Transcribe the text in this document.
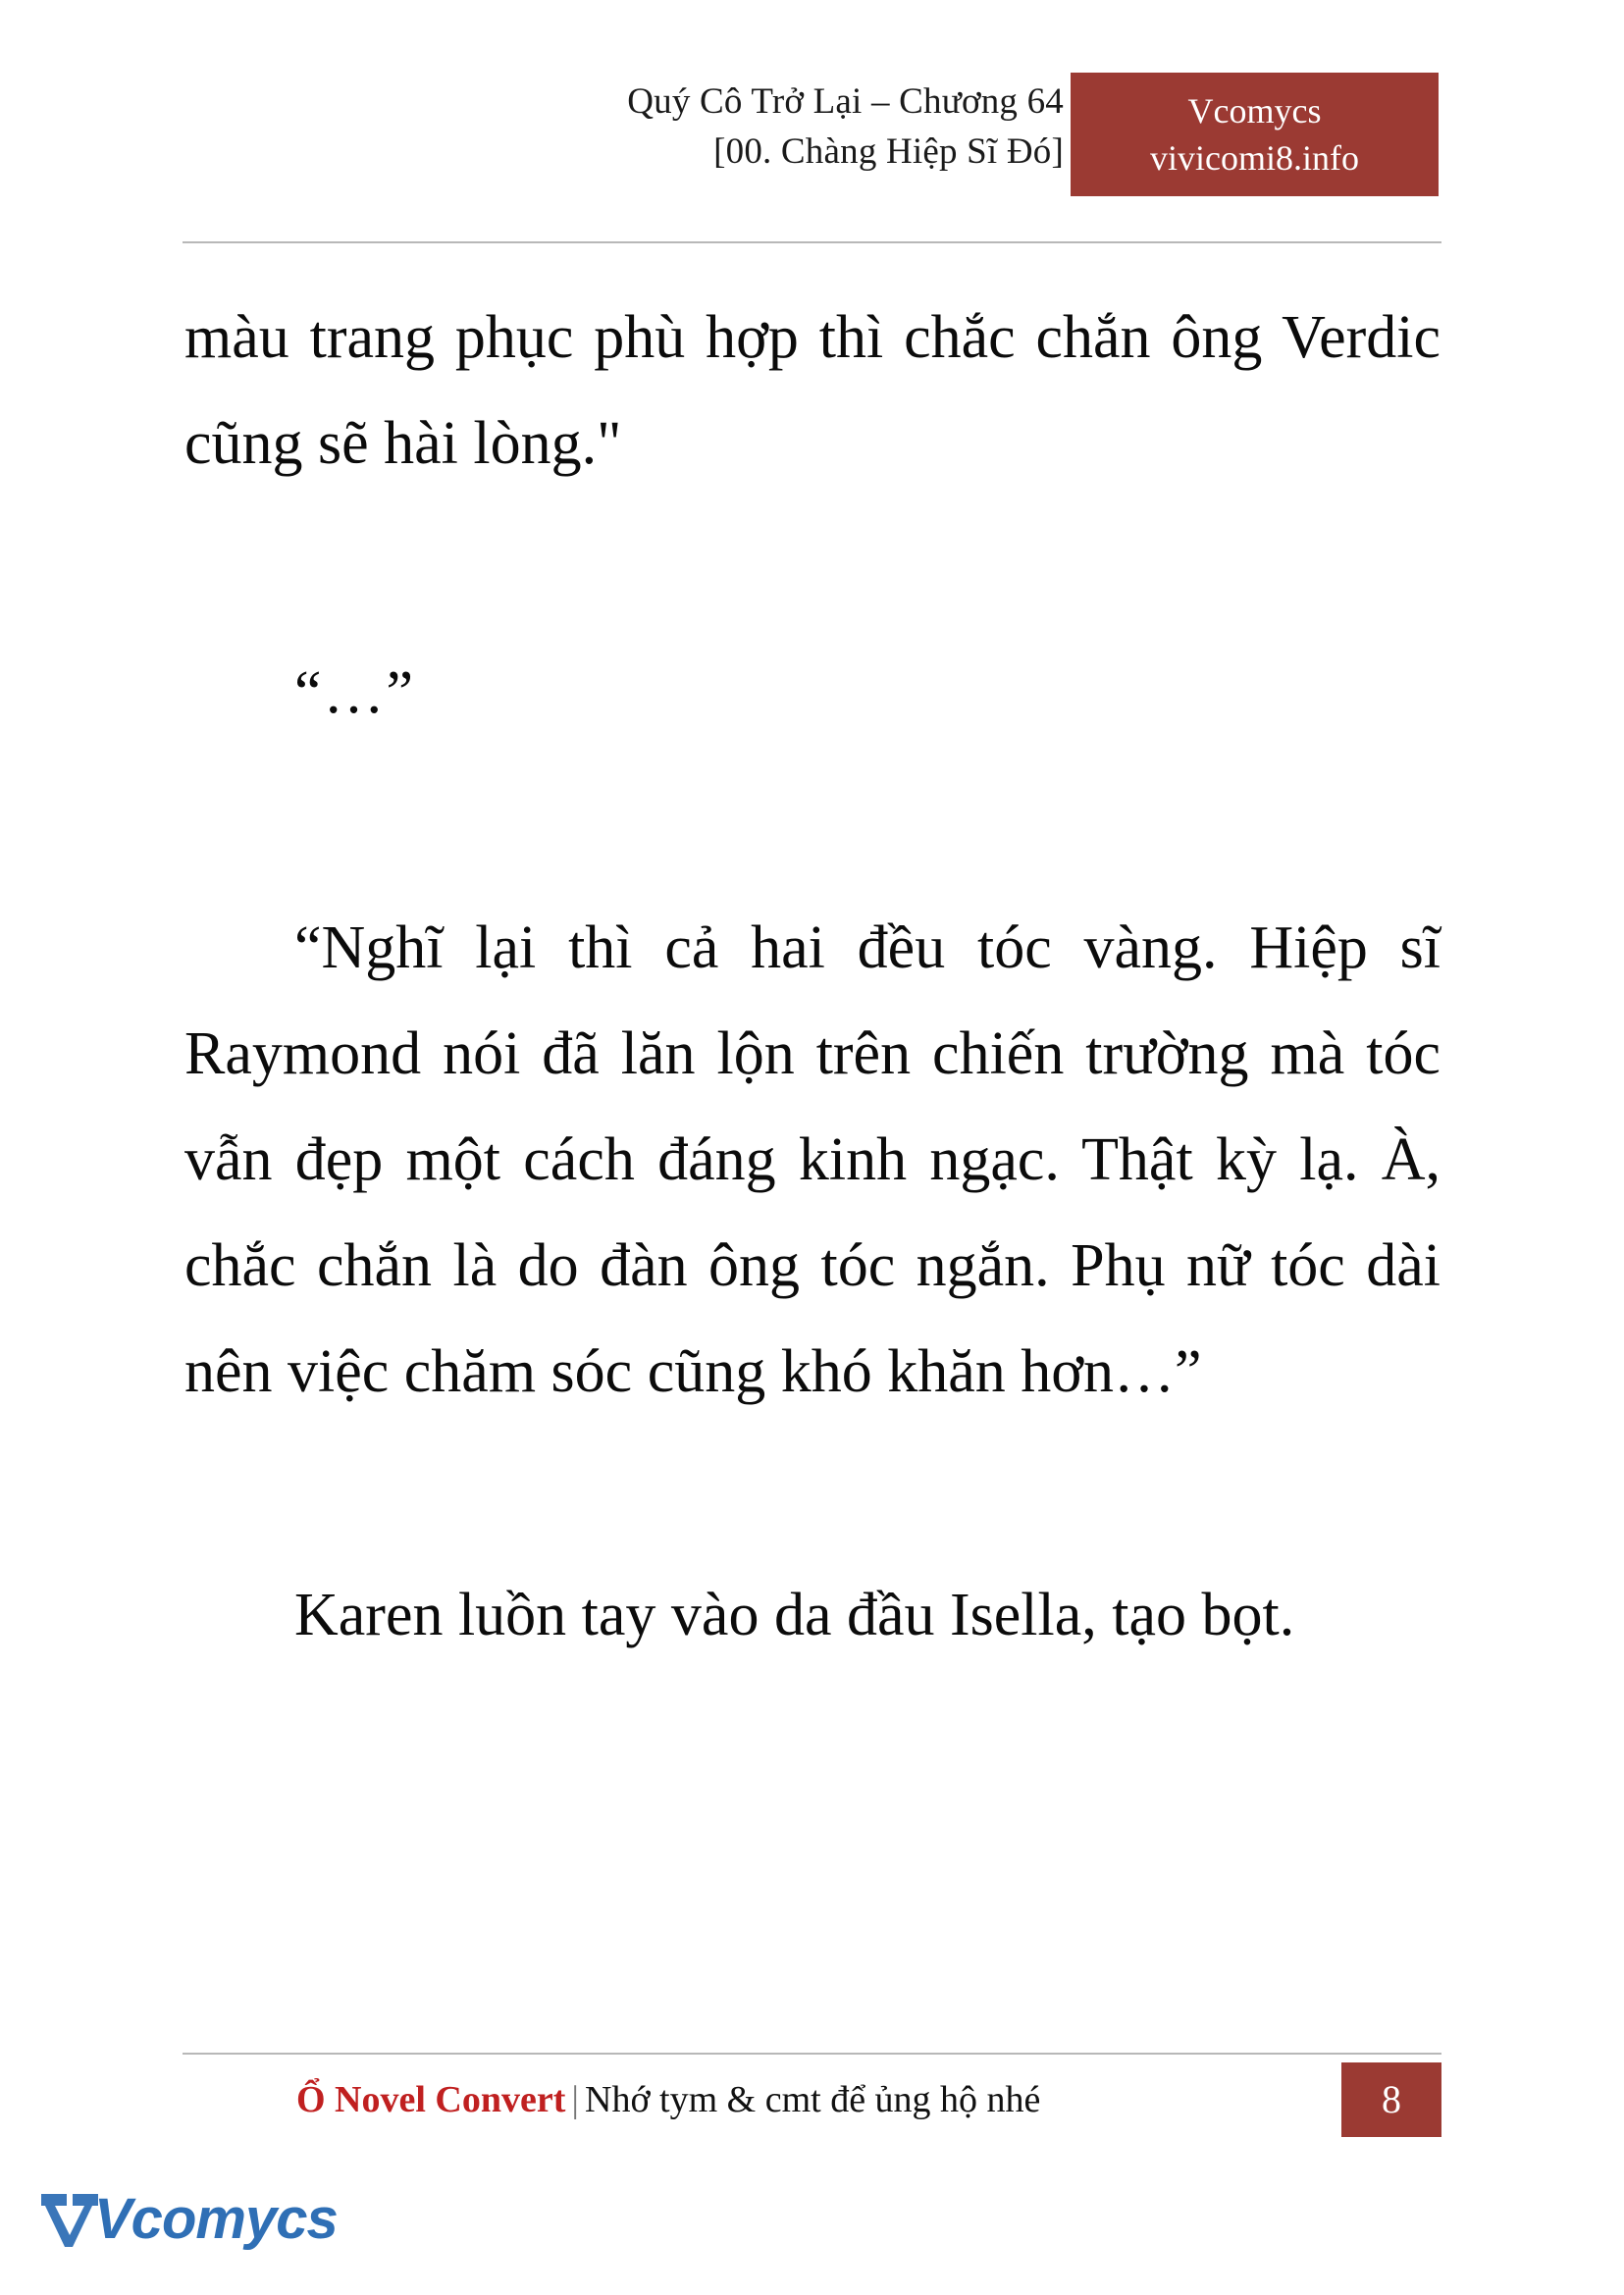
Quý Cô Trở Lại – Chương 64
[00. Chàng Hiệp Sĩ Đó]
Vcomycs
vivicomi8.info

màu trang phục phù hợp thì chắc chắn ông Verdic cũng sẽ hài lòng."

“…”

“Nghĩ lại thì cả hai đều tóc vàng. Hiệp sĩ Raymond nói đã lăn lộn trên chiến trường mà tóc vẫn đẹp một cách đáng kinh ngạc. Thật kỳ lạ. À, chắc chắn là do đàn ông tóc ngắn. Phụ nữ tóc dài nên việc chăm sóc cũng khó khăn hơn…”

Karen luồn tay vào da đầu Isella, tạo bọt.

Ổ Novel Convert | Nhớ tym & cmt để ủng hộ nhé	8
Vcomycs
